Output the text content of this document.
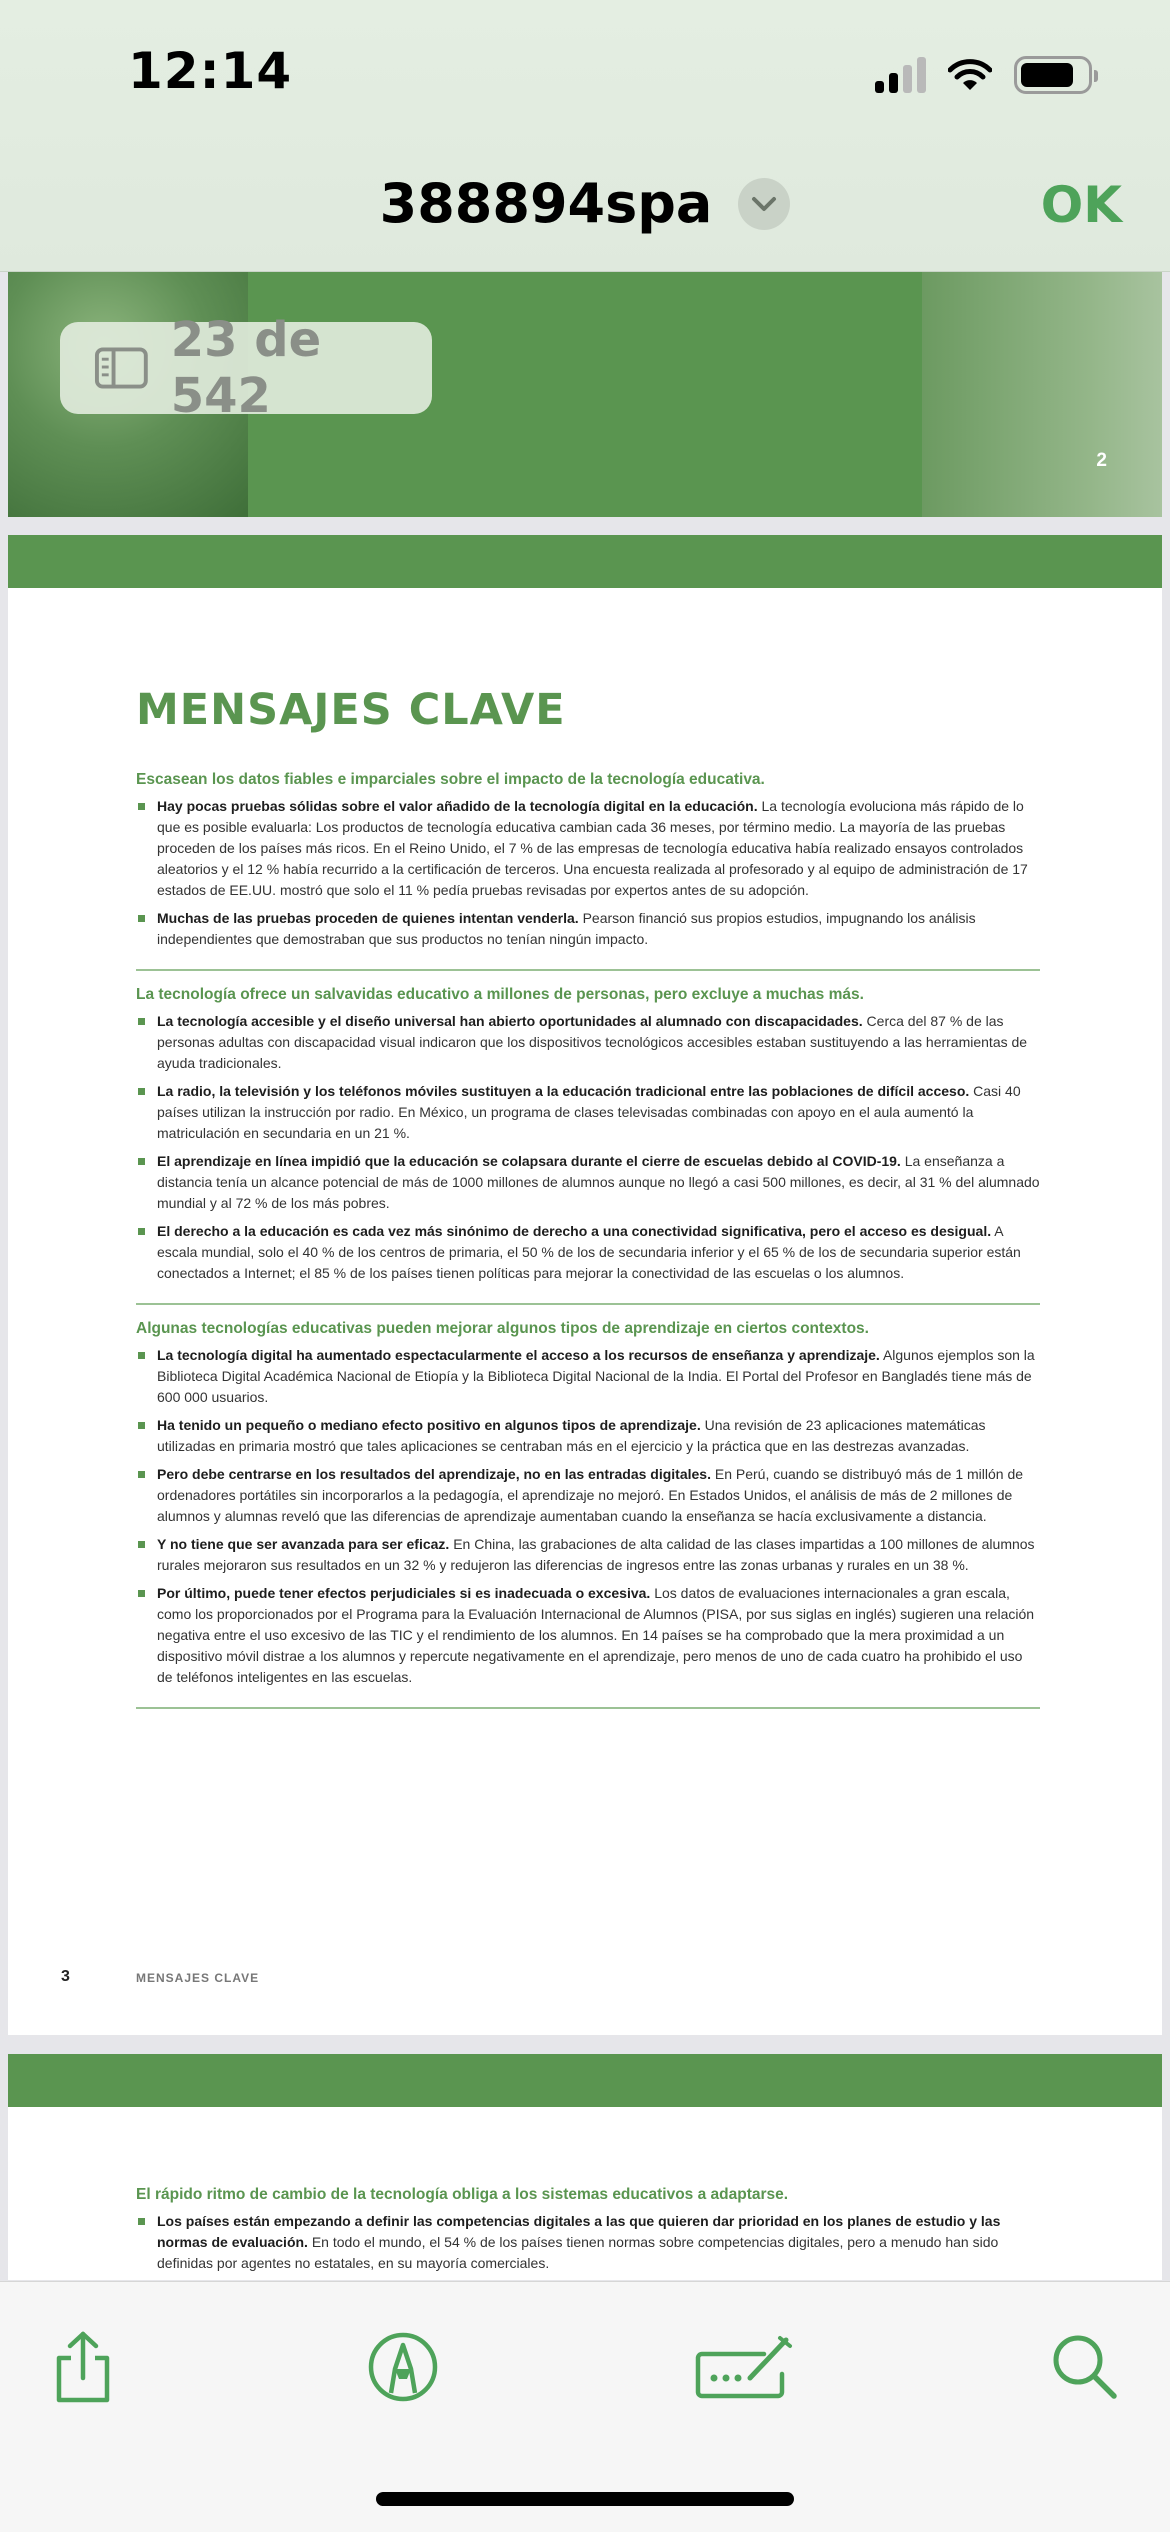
12:14
388894spa	OK
2
23 de 542
MENSAJES CLAVE
Escasean los datos fiables e imparciales sobre el impacto de la tecnología educativa.
Hay pocas pruebas sólidas sobre el valor añadido de la tecnología digital en la educación. La tecnología evoluciona más rápido de lo que es posible evaluarla: Los productos de tecnología educativa cambian cada 36 meses, por término medio. La mayoría de las pruebas proceden de los países más ricos. En el Reino Unido, el 7 % de las empresas de tecnología educativa había realizado ensayos controlados aleatorios y el 12 % había recurrido a la certificación de terceros. Una encuesta realizada al profesorado y al equipo de administración de 17 estados de EE.UU. mostró que solo el 11 % pedía pruebas revisadas por expertos antes de su adopción.
Muchas de las pruebas proceden de quienes intentan venderla. Pearson financió sus propios estudios, impugnando los análisis independientes que demostraban que sus productos no tenían ningún impacto.
La tecnología ofrece un salvavidas educativo a millones de personas, pero excluye a muchas más.
La tecnología accesible y el diseño universal han abierto oportunidades al alumnado con discapacidades. Cerca del 87 % de las personas adultas con discapacidad visual indicaron que los dispositivos tecnológicos accesibles estaban sustituyendo a las herramientas de ayuda tradicionales.
La radio, la televisión y los teléfonos móviles sustituyen a la educación tradicional entre las poblaciones de difícil acceso. Casi 40 países utilizan la instrucción por radio. En México, un programa de clases televisadas combinadas con apoyo en el aula aumentó la matriculación en secundaria en un 21 %.
El aprendizaje en línea impidió que la educación se colapsara durante el cierre de escuelas debido al COVID-19. La enseñanza a distancia tenía un alcance potencial de más de 1000 millones de alumnos aunque no llegó a casi 500 millones, es decir, al 31 % del alumnado mundial y al 72 % de los más pobres.
El derecho a la educación es cada vez más sinónimo de derecho a una conectividad significativa, pero el acceso es desigual. A escala mundial, solo el 40 % de los centros de primaria, el 50 % de los de secundaria inferior y el 65 % de los de secundaria superior están conectados a Internet; el 85 % de los países tienen políticas para mejorar la conectividad de las escuelas o los alumnos.
Algunas tecnologías educativas pueden mejorar algunos tipos de aprendizaje en ciertos contextos.
La tecnología digital ha aumentado espectacularmente el acceso a los recursos de enseñanza y aprendizaje. Algunos ejemplos son la Biblioteca Digital Académica Nacional de Etiopía y la Biblioteca Digital Nacional de la India. El Portal del Profesor en Bangladés tiene más de 600 000 usuarios.
Ha tenido un pequeño o mediano efecto positivo en algunos tipos de aprendizaje. Una revisión de 23 aplicaciones matemáticas utilizadas en primaria mostró que tales aplicaciones se centraban más en el ejercicio y la práctica que en las destrezas avanzadas.
Pero debe centrarse en los resultados del aprendizaje, no en las entradas digitales. En Perú, cuando se distribuyó más de 1 millón de ordenadores portátiles sin incorporarlos a la pedagogía, el aprendizaje no mejoró. En Estados Unidos, el análisis de más de 2 millones de alumnos y alumnas reveló que las diferencias de aprendizaje aumentaban cuando la enseñanza se hacía exclusivamente a distancia.
Y no tiene que ser avanzada para ser eficaz. En China, las grabaciones de alta calidad de las clases impartidas a 100 millones de alumnos rurales mejoraron sus resultados en un 32 % y redujeron las diferencias de ingresos entre las zonas urbanas y rurales en un 38 %.
Por último, puede tener efectos perjudiciales si es inadecuada o excesiva. Los datos de evaluaciones internacionales a gran escala, como los proporcionados por el Programa para la Evaluación Internacional de Alumnos (PISA, por sus siglas en inglés) sugieren una relación negativa entre el uso excesivo de las TIC y el rendimiento de los alumnos. En 14 países se ha comprobado que la mera proximidad a un dispositivo móvil distrae a los alumnos y repercute negativamente en el aprendizaje, pero menos de uno de cada cuatro ha prohibido el uso de teléfonos inteligentes en las escuelas.
3	MENSAJES CLAVE
El rápido ritmo de cambio de la tecnología obliga a los sistemas educativos a adaptarse.
Los países están empezando a definir las competencias digitales a las que quieren dar prioridad en los planes de estudio y las normas de evaluación. En todo el mundo, el 54 % de los países tienen normas sobre competencias digitales, pero a menudo han sido definidas por agentes no estatales, en su mayoría comerciales.
